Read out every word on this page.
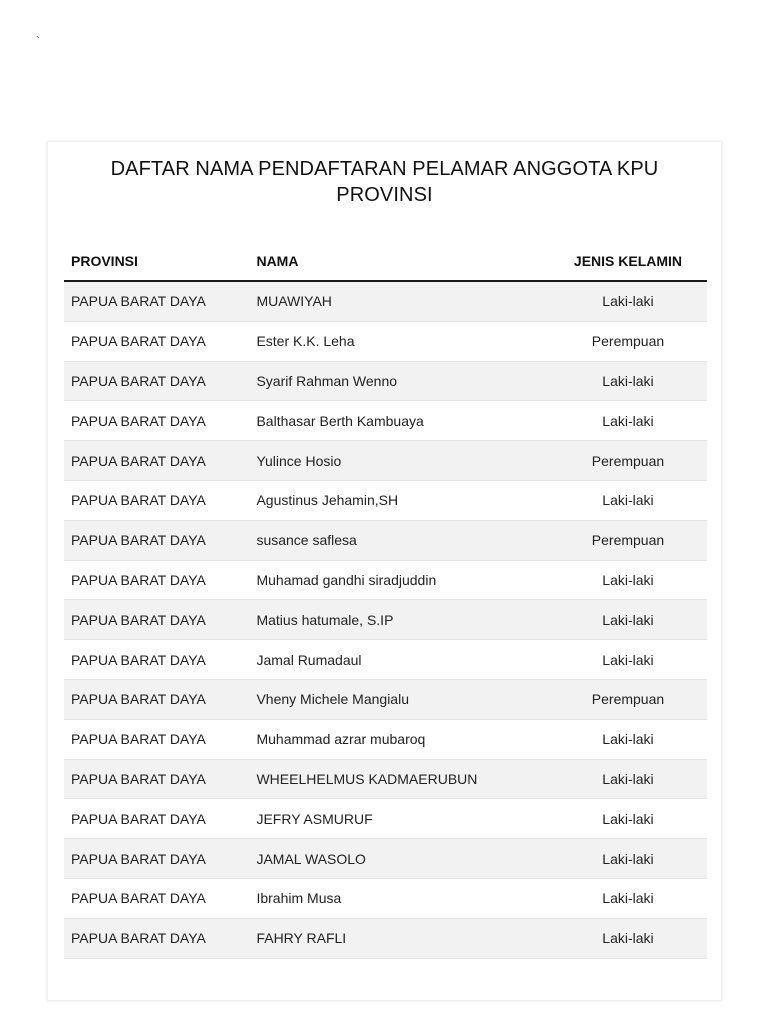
`
DAFTAR NAMA PENDAFTARAN PELAMAR ANGGOTA KPU PROVINSI
PROVINSI	NAMA	JENIS KELAMIN
PAPUA BARAT DAYA	MUAWIYAH	Laki-laki
PAPUA BARAT DAYA	Ester K.K. Leha	Perempuan
PAPUA BARAT DAYA	Syarif Rahman Wenno	Laki-laki
PAPUA BARAT DAYA	Balthasar Berth Kambuaya	Laki-laki
PAPUA BARAT DAYA	Yulince Hosio	Perempuan
PAPUA BARAT DAYA	Agustinus Jehamin,SH	Laki-laki
PAPUA BARAT DAYA	susance saflesa	Perempuan
PAPUA BARAT DAYA	Muhamad gandhi siradjuddin	Laki-laki
PAPUA BARAT DAYA	Matius hatumale, S.IP	Laki-laki
PAPUA BARAT DAYA	Jamal Rumadaul	Laki-laki
PAPUA BARAT DAYA	Vheny Michele Mangialu	Perempuan
PAPUA BARAT DAYA	Muhammad azrar mubaroq	Laki-laki
PAPUA BARAT DAYA	WHEELHELMUS KADMAERUBUN	Laki-laki
PAPUA BARAT DAYA	JEFRY ASMURUF	Laki-laki
PAPUA BARAT DAYA	JAMAL WASOLO	Laki-laki
PAPUA BARAT DAYA	Ibrahim Musa	Laki-laki
PAPUA BARAT DAYA	FAHRY RAFLI	Laki-laki
